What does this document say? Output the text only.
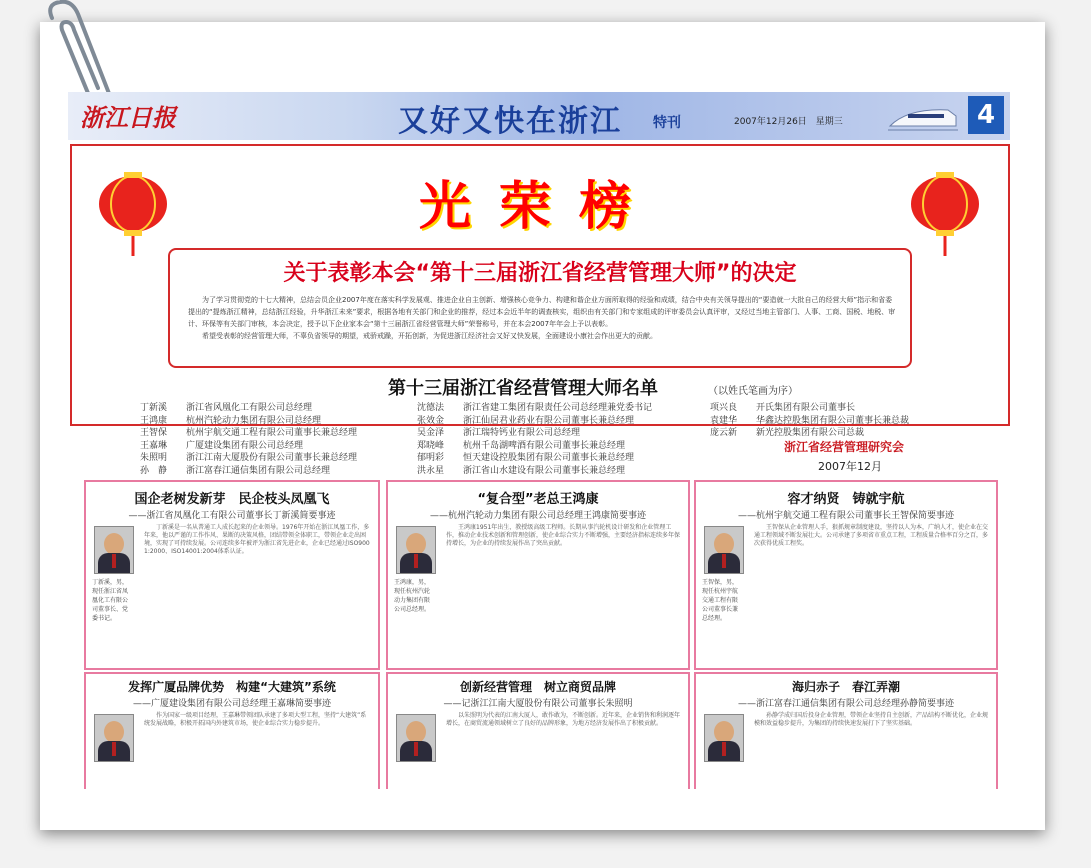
浙江日报	又好又快在浙江 特刊	2007年12月26日　星期三	4
光荣榜
关于表彰本会“第十三届浙江省经营管理大师”的决定
为了学习贯彻党的十七大精神，总结会员企业2007年度在落实科学发展观、推进企业自主创新、增强核心竞争力、构建和谐企业方面所取得的经验和成绩，结合中央有关领导提出的“要造就一大批自己的经营大师”指示和省委提出的“提炼浙江精神，总结浙江经验，升华浙江未来”要求，根据各地有关部门和企业的推荐，经过本会近半年的调查核实，组织由有关部门和专家组成的评审委员会认真评审，又经过当地主管部门、人事、工商、国税、地税、审计、环保等有关部门审核，本会决定，授予以下企业家本会“第十三届浙江省经营管理大师”荣誉称号，并在本会2007年年会上予以表彰。
希望受表彰的经营管理大师，不辜负省领导的期望，戒骄戒躁，开拓创新，为促进浙江经济社会又好又快发展，全面建设小康社会作出更大的贡献。
第十三届浙江省经营管理大师名单	（以姓氏笔画为序）
丁新溪 浙江省风凰化工有限公司总经理
王鸿康 杭州汽轮动力集团有限公司总经理
王智保 杭州宇航交通工程有限公司董事长兼总经理
王嘉琳 广厦建设集团有限公司总经理
朱照明 浙江江南大厦股份有限公司董事长兼总经理
孙　静 浙江富春江通信集团有限公司总经理
沈德法 浙江省建工集团有限责任公司总经理兼党委书记
张效金 浙江仙居君业药业有限公司董事长兼总经理
吴金泽 浙江瑞特钙业有限公司总经理
郑晓峰 杭州千岛湖啤酒有限公司董事长兼总经理
郁明彩 恒天建设控股集团有限公司董事长兼总经理
洪永星 浙江省山水建设有限公司董事长兼总经理
项兴良 开氏集团有限公司董事长
袁建华 华鑫达控股集团有限公司董事长兼总裁
庞云新 新光控股集团有限公司总裁
浙江省经营管理研究会
2007年12月
国企老树发新芽　民企枝头凤凰飞
——浙江省凤凰化工有限公司董事长丁新溪简要事迹
丁新溪，男，现任浙江省凤凰化工有限公司董事长、党委书记。
丁新溪是一名从普通工人成长起来的企业领导。1976年开始在浙江凤凰工作，多年来，他以严谨的工作作风、果断的决策风格，团结带领全体职工，带领企业走出困境，实现了可持续发展。公司连续多年被评为浙江省先进企业，企业已经通过ISO9001:2000、ISO14001:2004体系认证。
“复合型”老总王鸿康
——杭州汽轮动力集团有限公司总经理王鸿康简要事迹
王鸿康，男，现任杭州汽轮动力集团有限公司总经理。
王鸿康1951年出生，教授级高级工程师。长期从事汽轮机设计研发和企业管理工作，推动企业技术创新和管理创新，使企业综合实力不断增强，主要经济指标连续多年保持增长，为企业的持续发展作出了突出贡献。
容才纳贤　铸就宇航
——杭州宇航交通工程有限公司董事长王智保简要事迹
王智保，男，现任杭州宇航交通工程有限公司董事长兼总经理。
王智保从企业管理人手，狠抓规章制度建设，坚持以人为本，广纳人才，使企业在交通工程领域不断发展壮大。公司承建了多项省市重点工程，工程质量合格率百分之百，多次获得优质工程奖。
发挥广厦品牌优势　构建“大建筑”系统
——广厦建设集团有限公司总经理王嘉琳简要事迹
作为国家一级项目经理，王嘉琳带领团队承建了多项大型工程，坚持“大建筑”系统发展战略，积极开拓国内外建筑市场，使企业综合实力稳步提升。
创新经营管理　树立商贸品牌
——记浙江江南大厦股份有限公司董事长朱照明
以朱照明为代表的江南大厦人，敢作敢为，不断创新。近年来，企业销售和利润逐年增长，在商贸流通领域树立了良好的品牌形象，为地方经济发展作出了积极贡献。
海归赤子　春江弄潮
——浙江富春江通信集团有限公司总经理孙静简要事迹
孙静学成归国后投身企业管理，带领企业坚持自主创新，产品结构不断优化，企业规模和效益稳步提升，为集团的持续快速发展打下了坚实基础。
